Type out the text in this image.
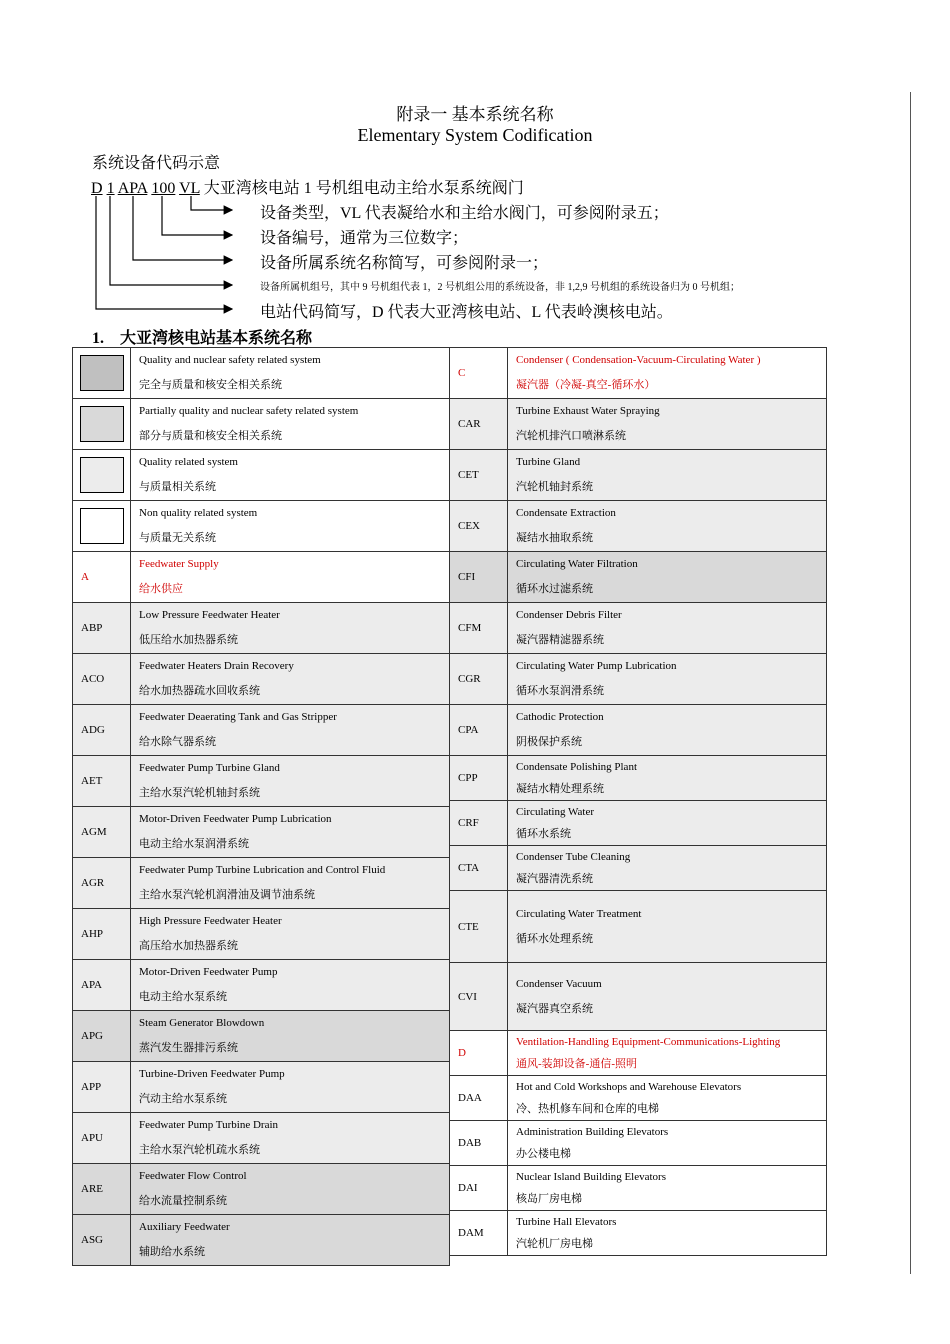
附录一 基本系统名称
Elementary System Codification
系统设备代码示意
D 1 APA 100 VL 大亚湾核电站 1 号机组电动主给水泵系统阀门
设备类型，VL 代表凝给水和主给水阀门，可参阅附录五；
设备编号，通常为三位数字；
设备所属系统名称简写，可参阅附录一；
设备所属机组号，其中 9 号机组代表 1，2 号机组公用的系统设备，非 1,2,9 号机组的系统设备归为 0 号机组；
电站代码简写，D 代表大亚湾核电站、L 代表岭澳核电站。
1. 大亚湾核电站基本系统名称

	Quality and nuclear safety related system
完全与质量和核安全相关系统

	Partially quality and nuclear safety related system
部分与质量和核安全相关系统

	Quality related system
与质量相关系统

	Non quality related system
与质量无关系统

A	Feedwater Supply
给水供应

ABP	Low Pressure Feedwater Heater
低压给水加热器系统

ACO	Feedwater Heaters Drain Recovery
给水加热器疏水回收系统

ADG	Feedwater Deaerating Tank and Gas Stripper
给水除气器系统

AET	Feedwater Pump Turbine Gland
主给水泵汽轮机轴封系统

AGM	Motor-Driven Feedwater Pump Lubrication
电动主给水泵润滑系统

AGR	Feedwater Pump Turbine Lubrication and Control Fluid
主给水泵汽轮机润滑油及调节油系统

AHP	High Pressure Feedwater Heater
高压给水加热器系统

APA	Motor-Driven Feedwater Pump
电动主给水泵系统

APG	Steam Generator Blowdown
蒸汽发生器排污系统

APP	Turbine-Driven Feedwater Pump
汽动主给水泵系统

APU	Feedwater Pump Turbine Drain
主给水泵汽轮机疏水系统

ARE	Feedwater Flow Control
给水流量控制系统

ASG	Auxiliary Feedwater
辅助给水系统
C	Condenser ( Condensation-Vacuum-Circulating Water )
凝汽器（冷凝-真空-循环水）

CAR	Turbine Exhaust Water Spraying
汽轮机排汽口喷淋系统

CET	Turbine Gland
汽轮机轴封系统

CEX	Condensate Extraction
凝结水抽取系统

CFI	Circulating Water Filtration
循环水过滤系统

CFM	Condenser Debris Filter
凝汽器精滤器系统

CGR	Circulating Water Pump Lubrication
循环水泵润滑系统

CPA	Cathodic Protection
阴极保护系统

CPP	Condensate Polishing Plant
凝结水精处理系统

CRF	Circulating Water
循环水系统

CTA	Condenser Tube Cleaning
凝汽器清洗系统

CTE	Circulating Water Treatment
循环水处理系统

CVI	Condenser Vacuum
凝汽器真空系统

D	Ventilation-Handling Equipment-Communications-Lighting
通风-装卸设备-通信-照明

DAA	Hot and Cold Workshops and Warehouse Elevators
冷、热机修车间和仓库的电梯

DAB	Administration Building Elevators
办公楼电梯

DAI	Nuclear Island Building Elevators
核岛厂房电梯

DAM	Turbine Hall Elevators
汽轮机厂房电梯
